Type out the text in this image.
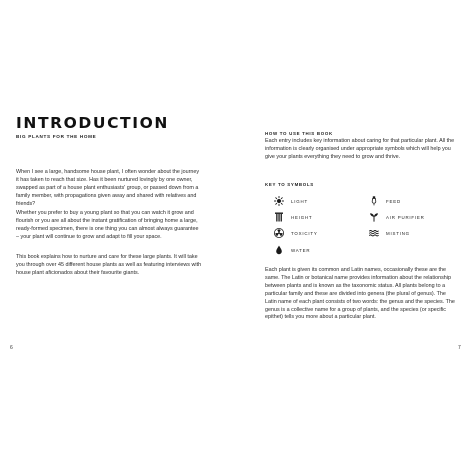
INTRODUCTION
BIG PLANTS FOR THE HOME

When I see a large, handsome house plant, I often wonder about the journey it has taken to reach that size. Has it been nurtured lovingly by one owner, swapped as part of a house plant enthusiasts' group, or passed down from a family member, with propagations given away and shared with relatives and friends?

Whether you prefer to buy a young plant so that you can watch it grow and flourish or you are all about the instant gratification of bringing home a large, ready-formed specimen, there is one thing you can almost always guarantee – your plant will continue to grow and adapt to fill your space.

This book explains how to nurture and care for these large plants. It will take you through over 45 different house plants as well as featuring interviews with house plant aficionados about their favourite giants.

6
HOW TO USE THIS BOOK

Each entry includes key information about caring for that particular plant. All the information is clearly organised under appropriate symbols which will help you give your plants everything they need to grow and thrive.

KEY TO SYMBOLS
LIGHT
HEIGHT
TOXICITY
WATER
FEED
AIR PURIFIER
MISTING

Each plant is given its common and Latin names, occasionally these are the same. The Latin or botanical name provides information about the relationship between plants and is known as the taxonomic status. All plants belong to a particular family and these are divided into genera (the plural of genus). The Latin name of each plant consists of two words: the genus and the species. The genus is a collective name for a group of plants, and the species (or specific epithet) tells you more about a particular plant.

7
